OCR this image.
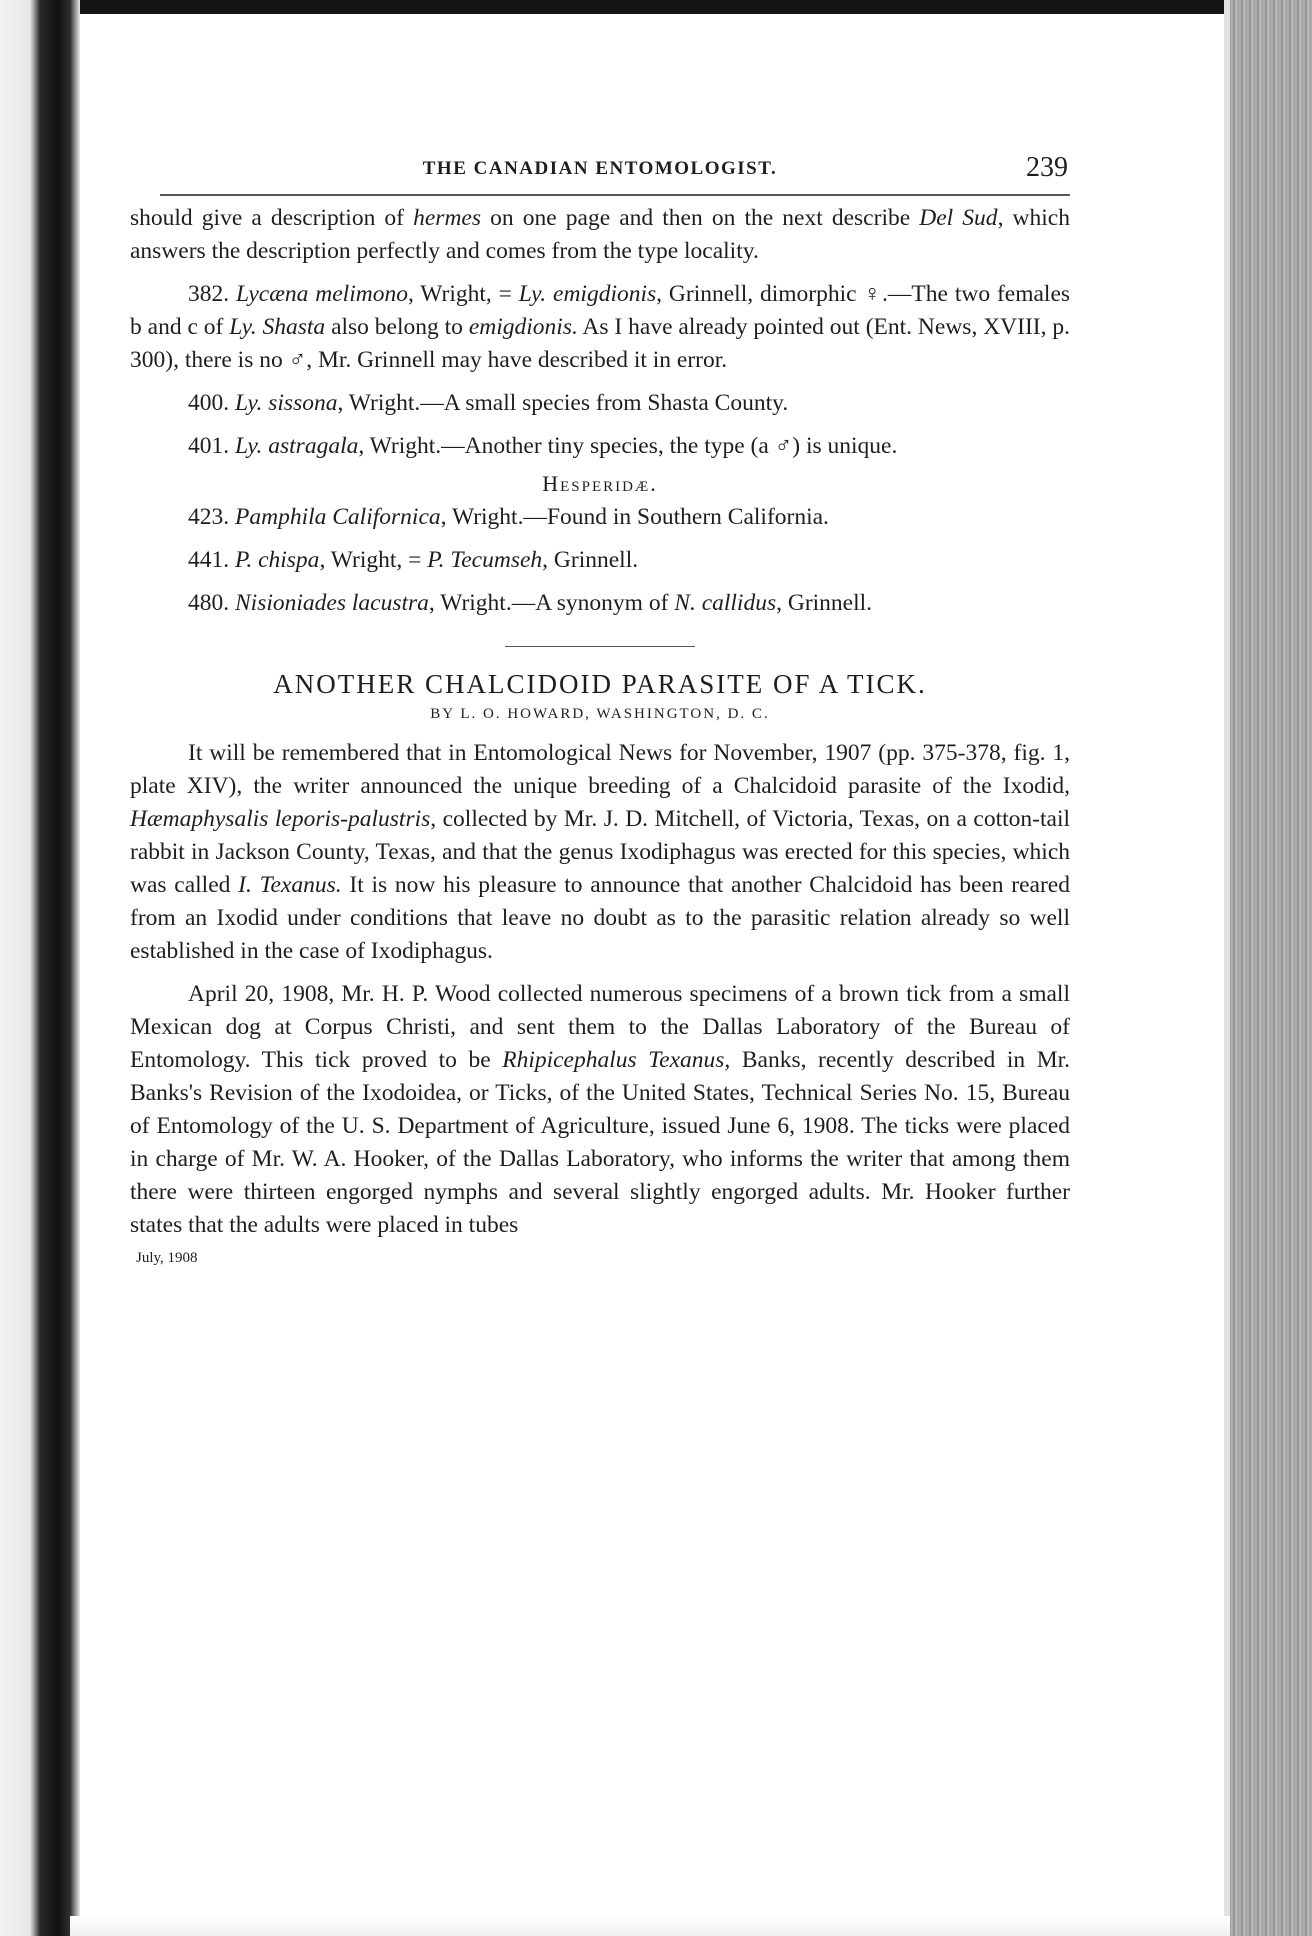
THE CANADIAN ENTOMOLOGIST.	239

should give a description of hermes on one page and then on the next describe Del Sud, which answers the description perfectly and comes from the type locality.

382. Lycæna melimono, Wright, = Ly. emigdionis, Grinnell, dimorphic ♀.—The two females b and c of Ly. Shasta also belong to emigdionis. As I have already pointed out (Ent. News, XVIII, p. 300), there is no ♂, Mr. Grinnell may have described it in error.

400. Ly. sissona, Wright.—A small species from Shasta County.

401. Ly. astragala, Wright.—Another tiny species, the type (a ♂) is unique.

Hesperidæ.

423. Pamphila Californica, Wright.—Found in Southern California.

441. P. chispa, Wright, = P. Tecumseh, Grinnell.

480. Nisioniades lacustra, Wright.—A synonym of N. callidus, Grinnell.

ANOTHER CHALCIDOID PARASITE OF A TICK.
BY L. O. HOWARD, WASHINGTON, D. C.

It will be remembered that in Entomological News for November, 1907 (pp. 375-378, fig. 1, plate XIV), the writer announced the unique breeding of a Chalcidoid parasite of the Ixodid, Hæmaphysalis leporis-palustris, collected by Mr. J. D. Mitchell, of Victoria, Texas, on a cotton-tail rabbit in Jackson County, Texas, and that the genus Ixodiphagus was erected for this species, which was called I. Texanus. It is now his pleasure to announce that another Chalcidoid has been reared from an Ixodid under conditions that leave no doubt as to the parasitic relation already so well established in the case of Ixodiphagus.

April 20, 1908, Mr. H. P. Wood collected numerous specimens of a brown tick from a small Mexican dog at Corpus Christi, and sent them to the Dallas Laboratory of the Bureau of Entomology. This tick proved to be Rhipicephalus Texanus, Banks, recently described in Mr. Banks's Revision of the Ixodoidea, or Ticks, of the United States, Technical Series No. 15, Bureau of Entomology of the U. S. Department of Agriculture, issued June 6, 1908. The ticks were placed in charge of Mr. W. A. Hooker, of the Dallas Laboratory, who informs the writer that among them there were thirteen engorged nymphs and several slightly engorged adults. Mr. Hooker further states that the adults were placed in tubes

July, 1908
